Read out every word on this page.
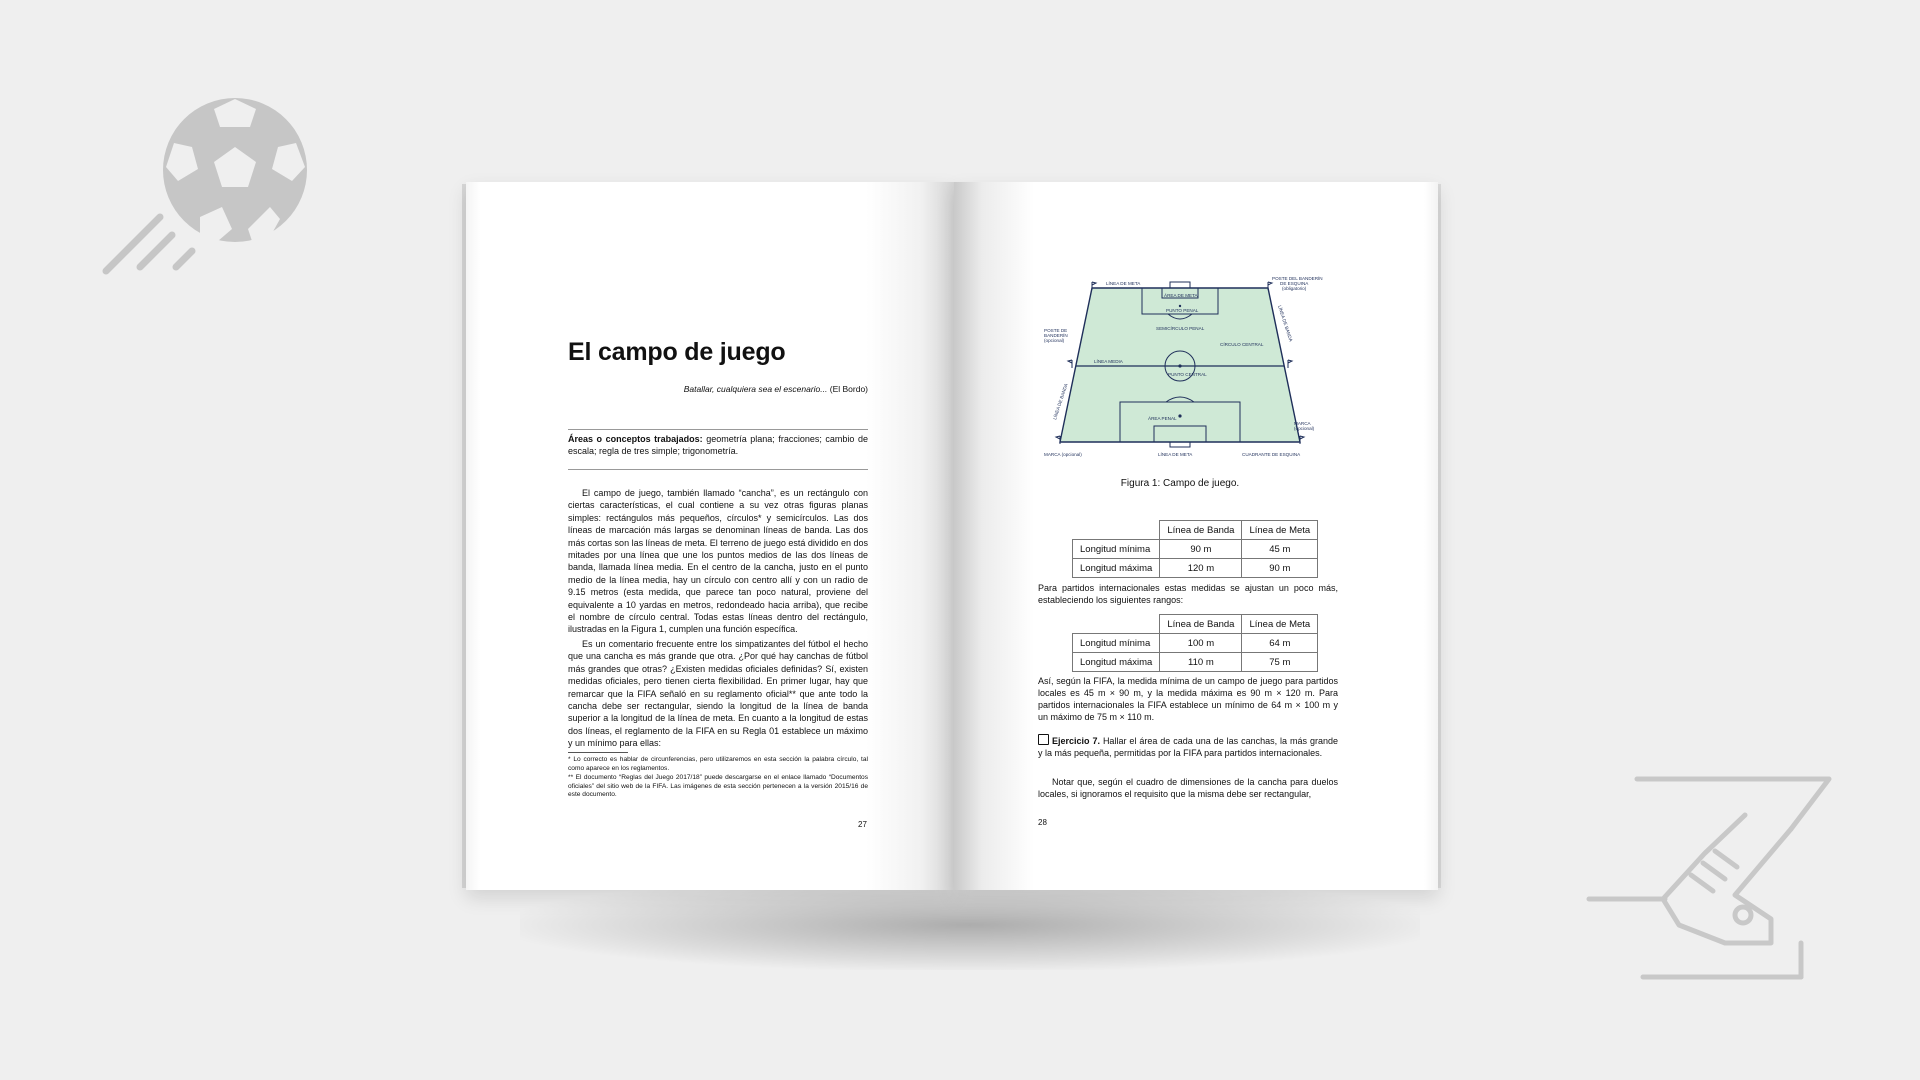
El campo de juego
Batallar, cualquiera sea el escenario... (El Bordo)
Áreas o conceptos trabajados: geometría plana; fracciones; cambio de escala; regla de tres simple; trigonometría.

El campo de juego, también llamado “cancha”, es un rectángulo con ciertas características, el cual contiene a su vez otras figuras planas simples: rectángulos más pequeños, círculos* y semicírculos. Las dos líneas de marcación más largas se denominan líneas de banda. Las dos más cortas son las líneas de meta. El terreno de juego está dividido en dos mitades por una línea que une los puntos medios de las dos líneas de banda, llamada línea media. En el centro de la cancha, justo en el punto medio de la línea media, hay un círculo con centro allí y con un radio de 9.15 metros (esta medida, que parece tan poco natural, proviene del equivalente a 10 yardas en metros, redondeado hacia arriba), que recibe el nombre de círculo central. Todas estas líneas dentro del rectángulo, ilustradas en la Figura 1, cumplen una función específica.

Es un comentario frecuente entre los simpatizantes del fútbol el hecho que una cancha es más grande que otra. ¿Por qué hay canchas de fútbol más grandes que otras? ¿Existen medidas oficiales definidas? Sí, existen medidas oficiales, pero tienen cierta flexibilidad. En primer lugar, hay que remarcar que la FIFA señaló en su reglamento oficial** que ante todo la cancha debe ser rectangular, siendo la longitud de la línea de banda superior a la longitud de la línea de meta. En cuanto a la longitud de estas dos líneas, el reglamento de la FIFA en su Regla 01 establece un máximo y un mínimo para ellas:

* Lo correcto es hablar de circunferencias, pero utilizaremos en esta sección la palabra círculo, tal como aparece en los reglamentos.

** El documento “Reglas del Juego 2017/18” puede descargarse en el enlace llamado “Documentos oficiales” del sitio web de la FIFA. Las imágenes de esta sección pertenecen a la versión 2015/16 de este documento.

27
LÍNEA DE META
ÁREA DE META
PUNTO PENAL
SEMICÍRCULO PENAL
CÍRCULO CENTRAL
LÍNEA MEDIA
PUNTO CENTRAL
POSTE DEL BANDERÍN
DE ESQUINA
(obligatorio)
POSTE DE
BANDERÍN
(opcional)
ÁREA PENAL
MARCA (opcional)
MARCA
(opcional)
LÍNEA DE META	CUADRANTE DE ESQUINA
LÍNEA DE BANDA
LÍNEA DE BANDA
Figura 1: Campo de juego.
	Línea de Banda	Línea de Meta
Longitud mínima	90 m	45 m
Longitud máxima	120 m	90 m

Para partidos internacionales estas medidas se ajustan un poco más, estableciendo los siguientes rangos:

	Línea de Banda	Línea de Meta
Longitud mínima	100 m	64 m
Longitud máxima	110 m	75 m

Así, según la FIFA, la medida mínima de un campo de juego para partidos locales es 45 m × 90 m, y la medida máxima es 90 m × 120 m. Para partidos internacionales la FIFA establece un mínimo de 64 m × 100 m y un máximo de 75 m × 110 m.

Ejercicio 7. Hallar el área de cada una de las canchas, la más grande y la más pequeña, permitidas por la FIFA para partidos internacionales.

Notar que, según el cuadro de dimensiones de la cancha para duelos locales, si ignoramos el requisito que la misma debe ser rectangular,

28
